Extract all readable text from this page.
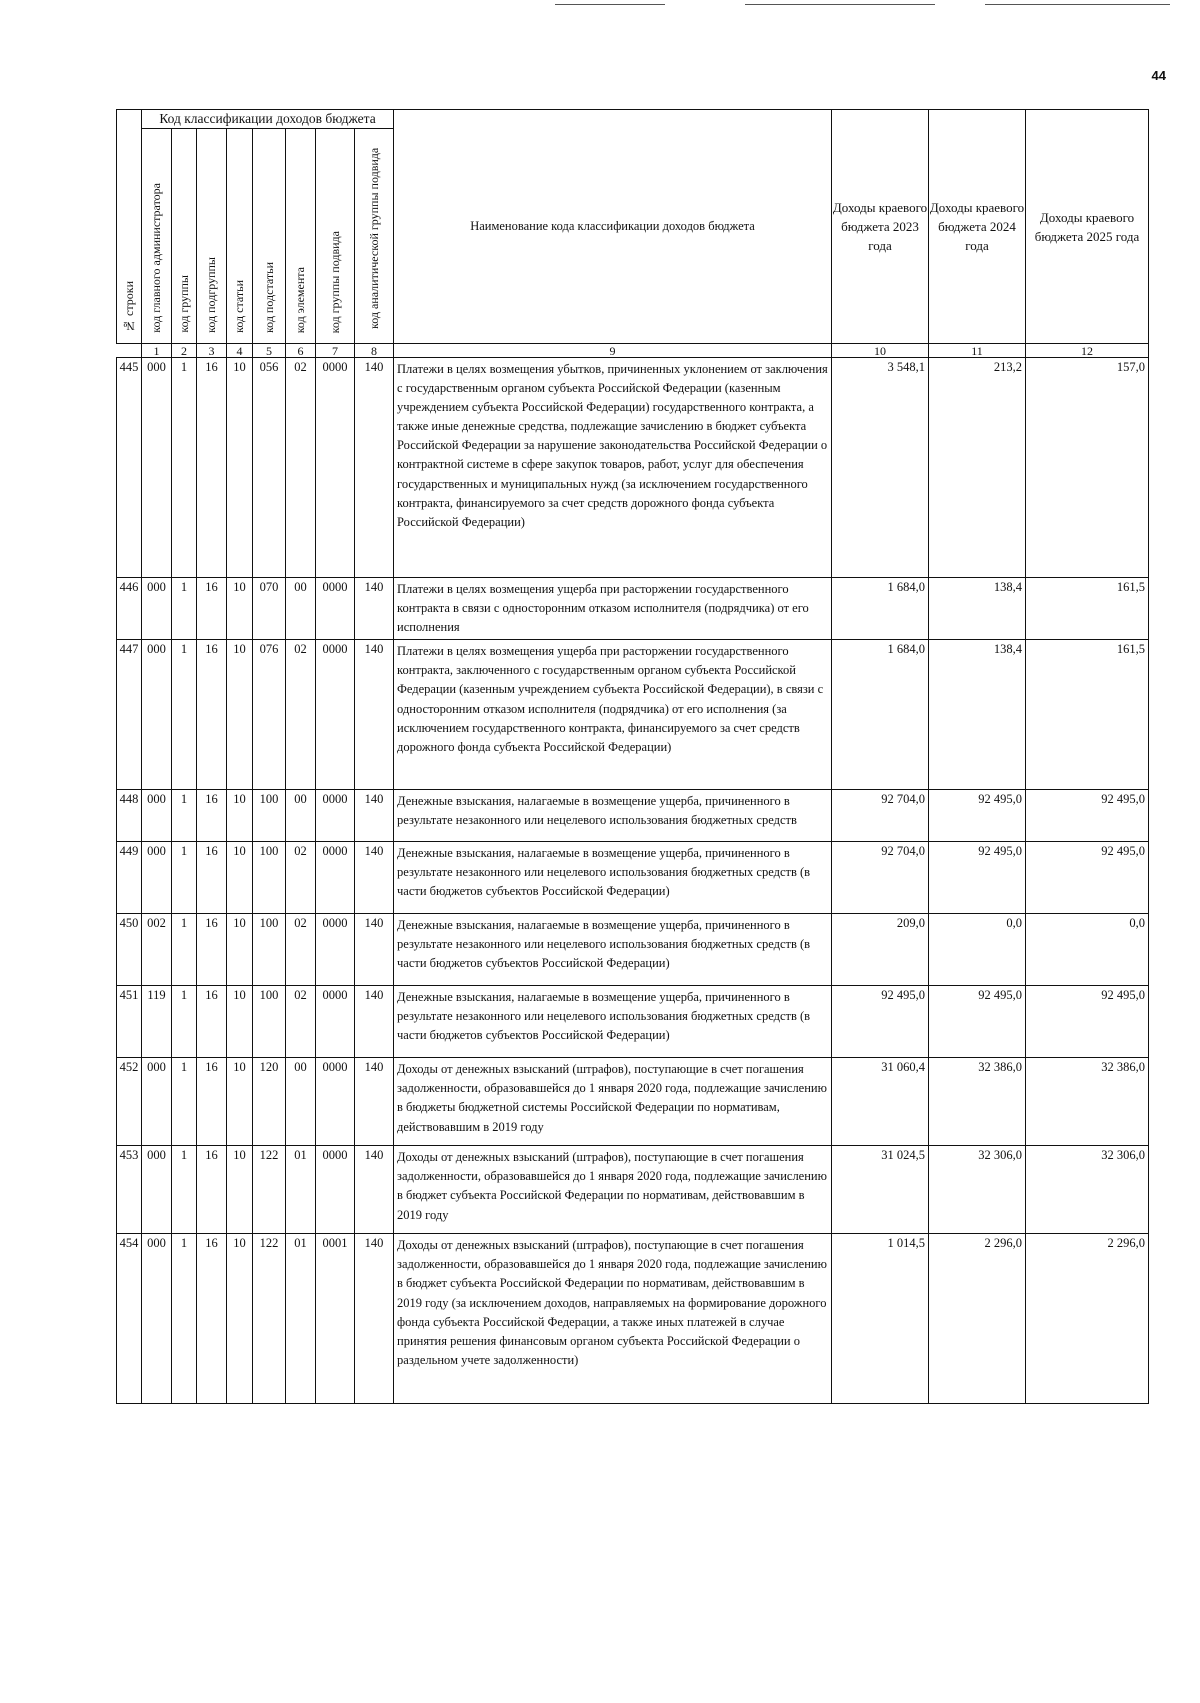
44
№ строки	Код классификации доходов бюджета								Наименование кода классификации доходов бюджета	Доходы краевого бюджета 2023 года	Доходы краевого бюджета 2024 года	Доходы краевого бюджета 2025 года
	код главного администратора	код группы	код подгруппы	код статьи	код подстатьи	код элемента	код группы подвида	код аналитической группы подвида				
	1	2	3	4	5	6	7	8	9	10	11	12
445	000	1	16	10	056	02	0000	140	Платежи в целях возмещения убытков, причиненных уклонением от заключения с государственным органом субъекта Российской Федерации (казенным учреждением субъекта Российской Федерации) государственного контракта, а также иные денежные средства, подлежащие зачислению в бюджет субъекта Российской Федерации за нарушение законодательства Российской Федерации о контрактной системе в сфере закупок товаров, работ, услуг для обеспечения государственных и муниципальных нужд (за исключением государственного контракта, финансируемого за счет средств дорожного фонда субъекта Российской Федерации)	3 548,1	213,2	157,0
446	000	1	16	10	070	00	0000	140	Платежи в целях возмещения ущерба при расторжении государственного контракта в связи с односторонним отказом исполнителя (подрядчика) от его исполнения	1 684,0	138,4	161,5
447	000	1	16	10	076	02	0000	140	Платежи в целях возмещения ущерба при расторжении государственного контракта, заключенного с государственным органом субъекта Российской Федерации (казенным учреждением субъекта Российской Федерации), в связи с односторонним отказом исполнителя (подрядчика) от его исполнения (за исключением государственного контракта, финансируемого за счет средств дорожного фонда субъекта Российской Федерации)	1 684,0	138,4	161,5
448	000	1	16	10	100	00	0000	140	Денежные взыскания, налагаемые в возмещение ущерба, причиненного в результате незаконного или нецелевого использования бюджетных средств	92 704,0	92 495,0	92 495,0
449	000	1	16	10	100	02	0000	140	Денежные взыскания, налагаемые в возмещение ущерба, причиненного в результате незаконного или нецелевого использования бюджетных средств (в части бюджетов субъектов Российской Федерации)	92 704,0	92 495,0	92 495,0
450	002	1	16	10	100	02	0000	140	Денежные взыскания, налагаемые в возмещение ущерба, причиненного в результате незаконного или нецелевого использования бюджетных средств (в части бюджетов субъектов Российской Федерации)	209,0	0,0	0,0
451	119	1	16	10	100	02	0000	140	Денежные взыскания, налагаемые в возмещение ущерба, причиненного в результате незаконного или нецелевого использования бюджетных средств (в части бюджетов субъектов Российской Федерации)	92 495,0	92 495,0	92 495,0
452	000	1	16	10	120	00	0000	140	Доходы от денежных взысканий (штрафов), поступающие в счет погашения задолженности, образовавшейся до 1 января 2020 года, подлежащие зачислению в бюджеты бюджетной системы Российской Федерации по нормативам, действовавшим в 2019 году	31 060,4	32 386,0	32 386,0
453	000	1	16	10	122	01	0000	140	Доходы от денежных взысканий (штрафов), поступающие в счет погашения задолженности, образовавшейся до 1 января 2020 года, подлежащие зачислению в бюджет субъекта Российской Федерации по нормативам, действовавшим в 2019 году	31 024,5	32 306,0	32 306,0
454	000	1	16	10	122	01	0001	140	Доходы от денежных взысканий (штрафов), поступающие в счет погашения задолженности, образовавшейся до 1 января 2020 года, подлежащие зачислению в бюджет субъекта Российской Федерации по нормативам, действовавшим в 2019 году (за исключением доходов, направляемых на формирование дорожного фонда субъекта Российской Федерации, а также иных платежей в случае принятия решения финансовым органом субъекта Российской Федерации о раздельном учете задолженности)	1 014,5	2 296,0	2 296,0
